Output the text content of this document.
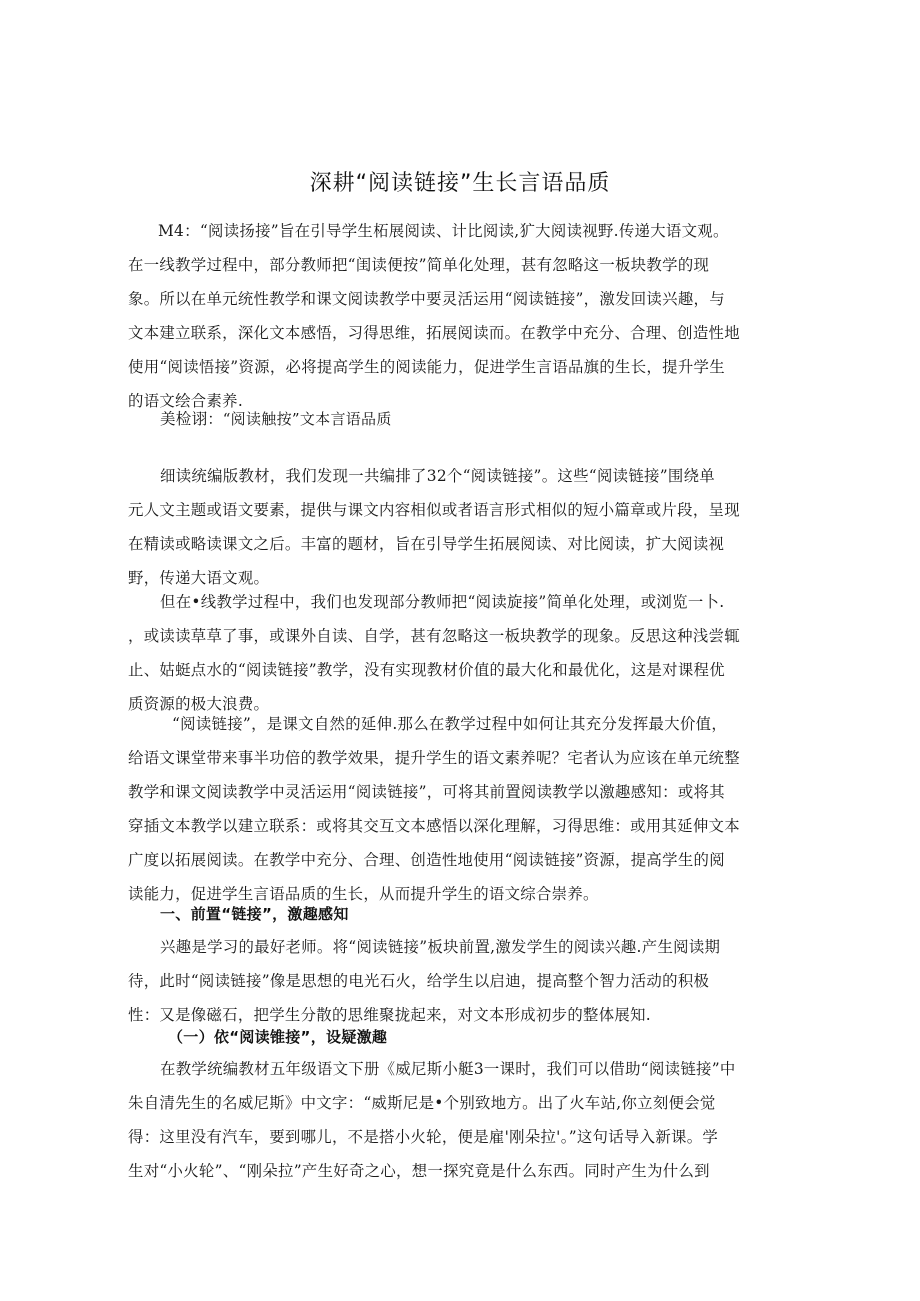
深耕“阅读链接”生长言语品质
M4：“阅读扬接”旨在引导学生柘展阅读、计比阅读,犷大阅读视野.传递大语文观。
在一线教学过程中，部分教师把“闺读便按”简单化处理，甚有忽略这一板块教学的现
象。所以在单元统性教学和课文阅读教学中要灵活运用“阅读链接”，激发回读兴趣，与
文本建立联系，深化文本感悟，习得思维，拓展阅读而。在教学中充分、合理、创造性地
使用“阅读悟接”资源，必将提高学生的阅读能力，促进学生言语品旗的生长，提升学生
的语文绘合素养.
美检诩：“阅读触按”文本言语品质
细读统编版教材，我们发现一共编排了32个“阅读链接”。这些“阅读链接”围绕单
元人文主题或语文要素，提供与课文内容相似或者语言形式相似的短小篇章或片段，呈现
在精读或略读课文之后。丰富的题材，旨在引导学生拓展阅读、对比阅读，扩大阅读视
野，传递大语文观。
但在•线教学过程中，我们也发现部分教师把“阅读旋接”简单化处理，或浏览一卜.
，或读读草草了事，或课外自读、自学，甚有忽略这一板块教学的现象。反思这种浅尝辄
止、姑蜓点水的“阅读链接”教学，没有实现教材价值的最大化和最优化，这是对课程优
质资源的极大浪费。
“阅读链接”，是课文自然的延伸.那么在教学过程中如何让其充分发挥最大价值，
给语文课堂带来事半功倍的教学效果，提升学生的语文素养呢？宅者认为应该在单元统整
教学和课文阅读教学中灵活运用“阅读链接”，可将其前置阅读教学以激趣感知：或将其
穿插文本教学以建立联系：或将其交互文本感悟以深化理解，习得思维：或用其延伸文本
广度以拓展阅读。在教学中充分、合理、创造性地使用“阅读链接”资源，提高学生的阅
读能力，促进学生言语品质的生长，从而提升学生的语文综合崇养。
一、前置“链接”，激趣感知
兴趣是学习的最好老师。将“阅读链接”板块前置,激发学生的阅读兴趣.产生阅读期
待，此时“阅读链接”像是思想的电光石火，给学生以启迪，提高整个智力活动的积极
性：又是像磁石，把学生分散的思维聚拢起来，对文本形成初步的整体展知.
（一）依“阅读锥接”，设疑激趣
在教学统编教材五年级语文下册《威尼斯小艇3一课时，我们可以借助“阅读链接”中
朱自清先生的名威尼斯》中文字：“威斯尼是•个别致地方。出了火车站,你立刻便会觉
得：这里没有汽车，要到哪儿，不是搭小火轮，便是雇'刚朵拉'。”这句话导入新课。学
生对“小火轮”、“刚朵拉”产生好奇之心，想一探究竟是什么东西。同时产生为什么到
